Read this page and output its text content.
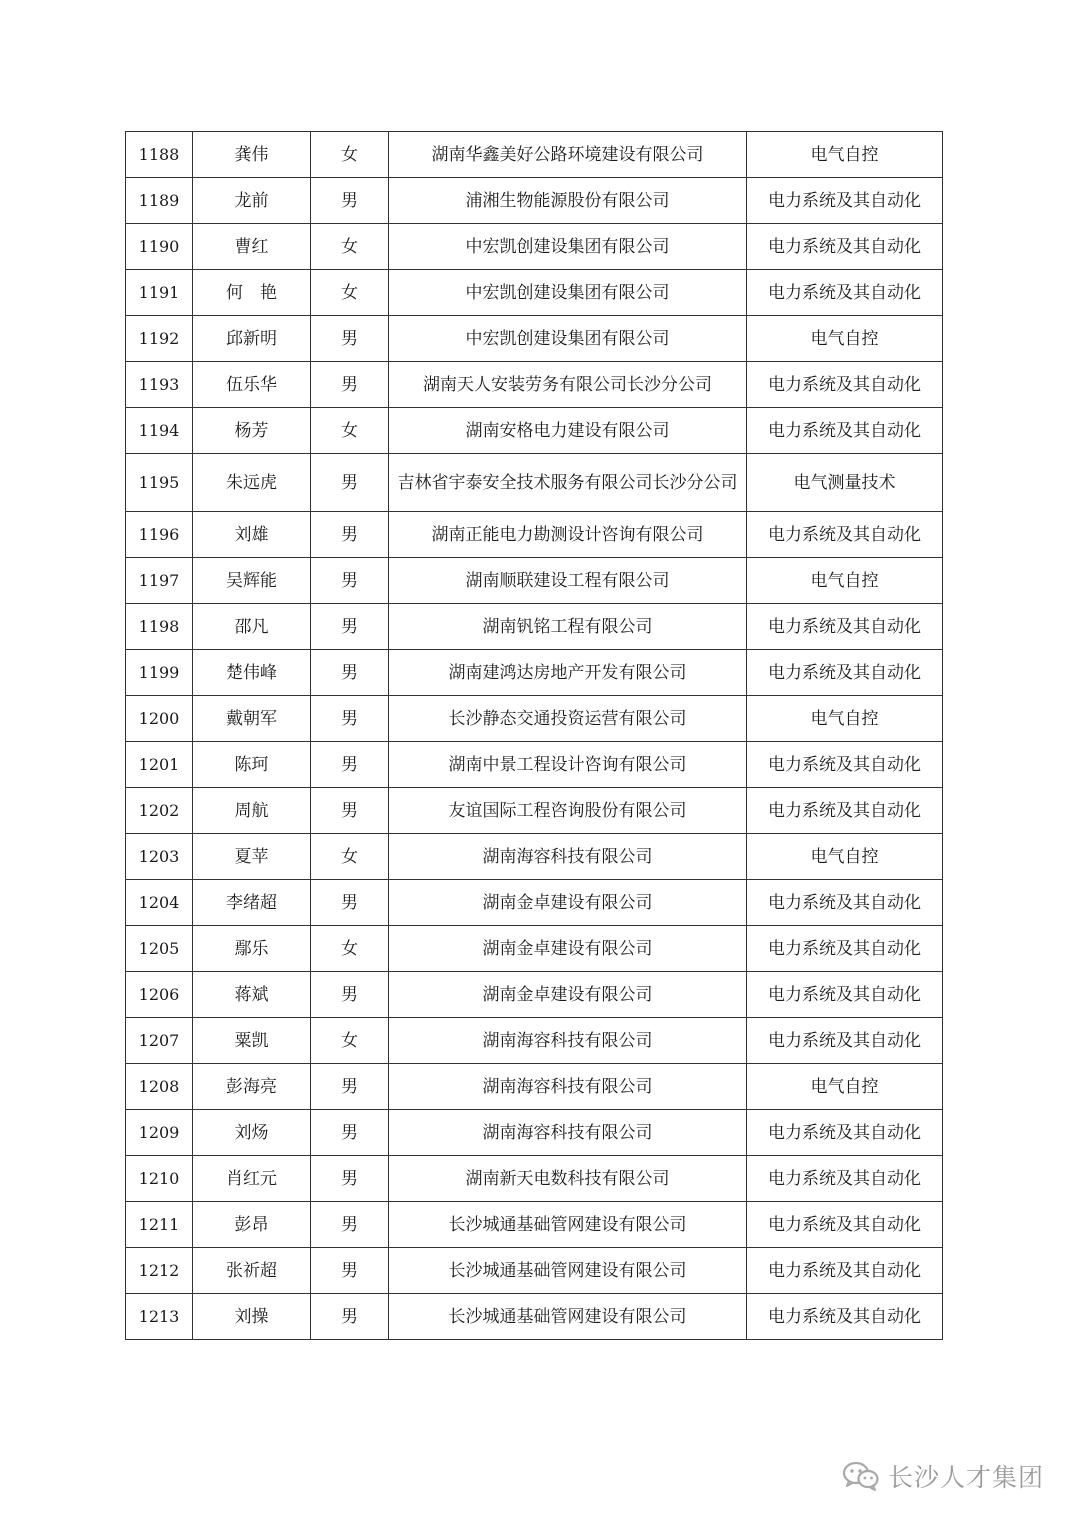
1188	龚伟	女	湖南华鑫美好公路环境建设有限公司	电气自控
1189	龙前	男	浦湘生物能源股份有限公司	电力系统及其自动化
1190	曹红	女	中宏凯创建设集团有限公司	电力系统及其自动化
1191	何　艳	女	中宏凯创建设集团有限公司	电力系统及其自动化
1192	邱新明	男	中宏凯创建设集团有限公司	电气自控
1193	伍乐华	男	湖南天人安装劳务有限公司长沙分公司	电力系统及其自动化
1194	杨芳	女	湖南安格电力建设有限公司	电力系统及其自动化
1195	朱远虎	男	吉林省宇泰安全技术服务有限公司长沙分公司	电气测量技术
1196	刘雄	男	湖南正能电力勘测设计咨询有限公司	电力系统及其自动化
1197	吴辉能	男	湖南顺联建设工程有限公司	电气自控
1198	邵凡	男	湖南钒铭工程有限公司	电力系统及其自动化
1199	楚伟峰	男	湖南建鸿达房地产开发有限公司	电力系统及其自动化
1200	戴朝军	男	长沙静态交通投资运营有限公司	电气自控
1201	陈珂	男	湖南中景工程设计咨询有限公司	电力系统及其自动化
1202	周航	男	友谊国际工程咨询股份有限公司	电力系统及其自动化
1203	夏苹	女	湖南海容科技有限公司	电气自控
1204	李绪超	男	湖南金卓建设有限公司	电力系统及其自动化
1205	鄢乐	女	湖南金卓建设有限公司	电力系统及其自动化
1206	蒋斌	男	湖南金卓建设有限公司	电力系统及其自动化
1207	粟凯	女	湖南海容科技有限公司	电力系统及其自动化
1208	彭海亮	男	湖南海容科技有限公司	电气自控
1209	刘炀	男	湖南海容科技有限公司	电力系统及其自动化
1210	肖红元	男	湖南新天电数科技有限公司	电力系统及其自动化
1211	彭昂	男	长沙城通基础管网建设有限公司	电力系统及其自动化
1212	张祈超	男	长沙城通基础管网建设有限公司	电力系统及其自动化
1213	刘操	男	长沙城通基础管网建设有限公司	电力系统及其自动化
长沙人才集团
